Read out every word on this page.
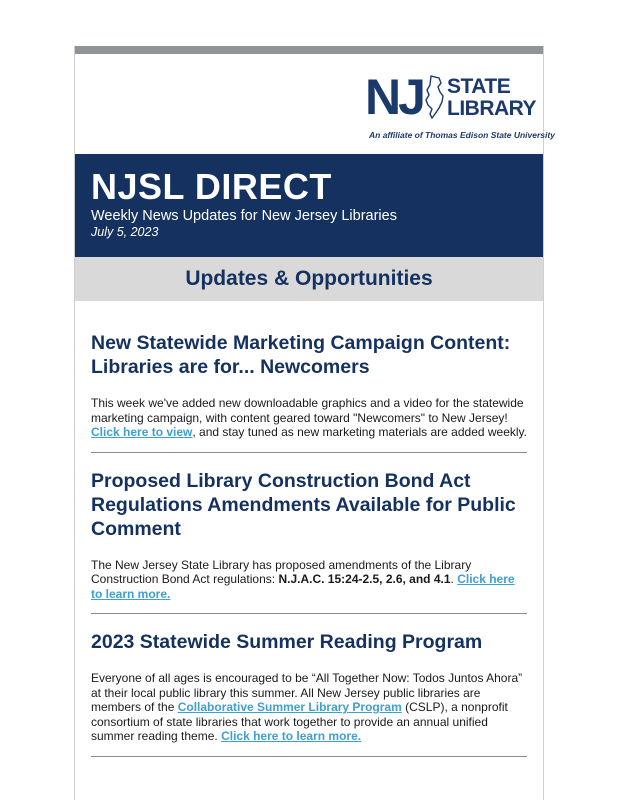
NJ STATE
LIBRARY
An affiliate of Thomas Edison State University
NJSL DIRECT
Weekly News Updates for New Jersey Libraries
July 5, 2023
Updates & Opportunities
New Statewide Marketing Campaign Content: Libraries are for... Newcomers

This week we've added new downloadable graphics and a video for the statewide marketing campaign, with content geared toward "Newcomers" to New Jersey! Click here to view, and stay tuned as new marketing materials are added weekly.

Proposed Library Construction Bond Act Regulations Amendments Available for Public Comment

The New Jersey State Library has proposed amendments of the Library Construction Bond Act regulations: N.J.A.C. 15:24-2.5, 2.6, and 4.1. Click here to learn more.

2023 Statewide Summer Reading Program

Everyone of all ages is encouraged to be “All Together Now: Todos Juntos Ahora” at their local public library this summer. All New Jersey public libraries are members of the Collaborative Summer Library Program (CSLP), a nonprofit consortium of state libraries that work together to provide an annual unified summer reading theme. Click here to learn more.
